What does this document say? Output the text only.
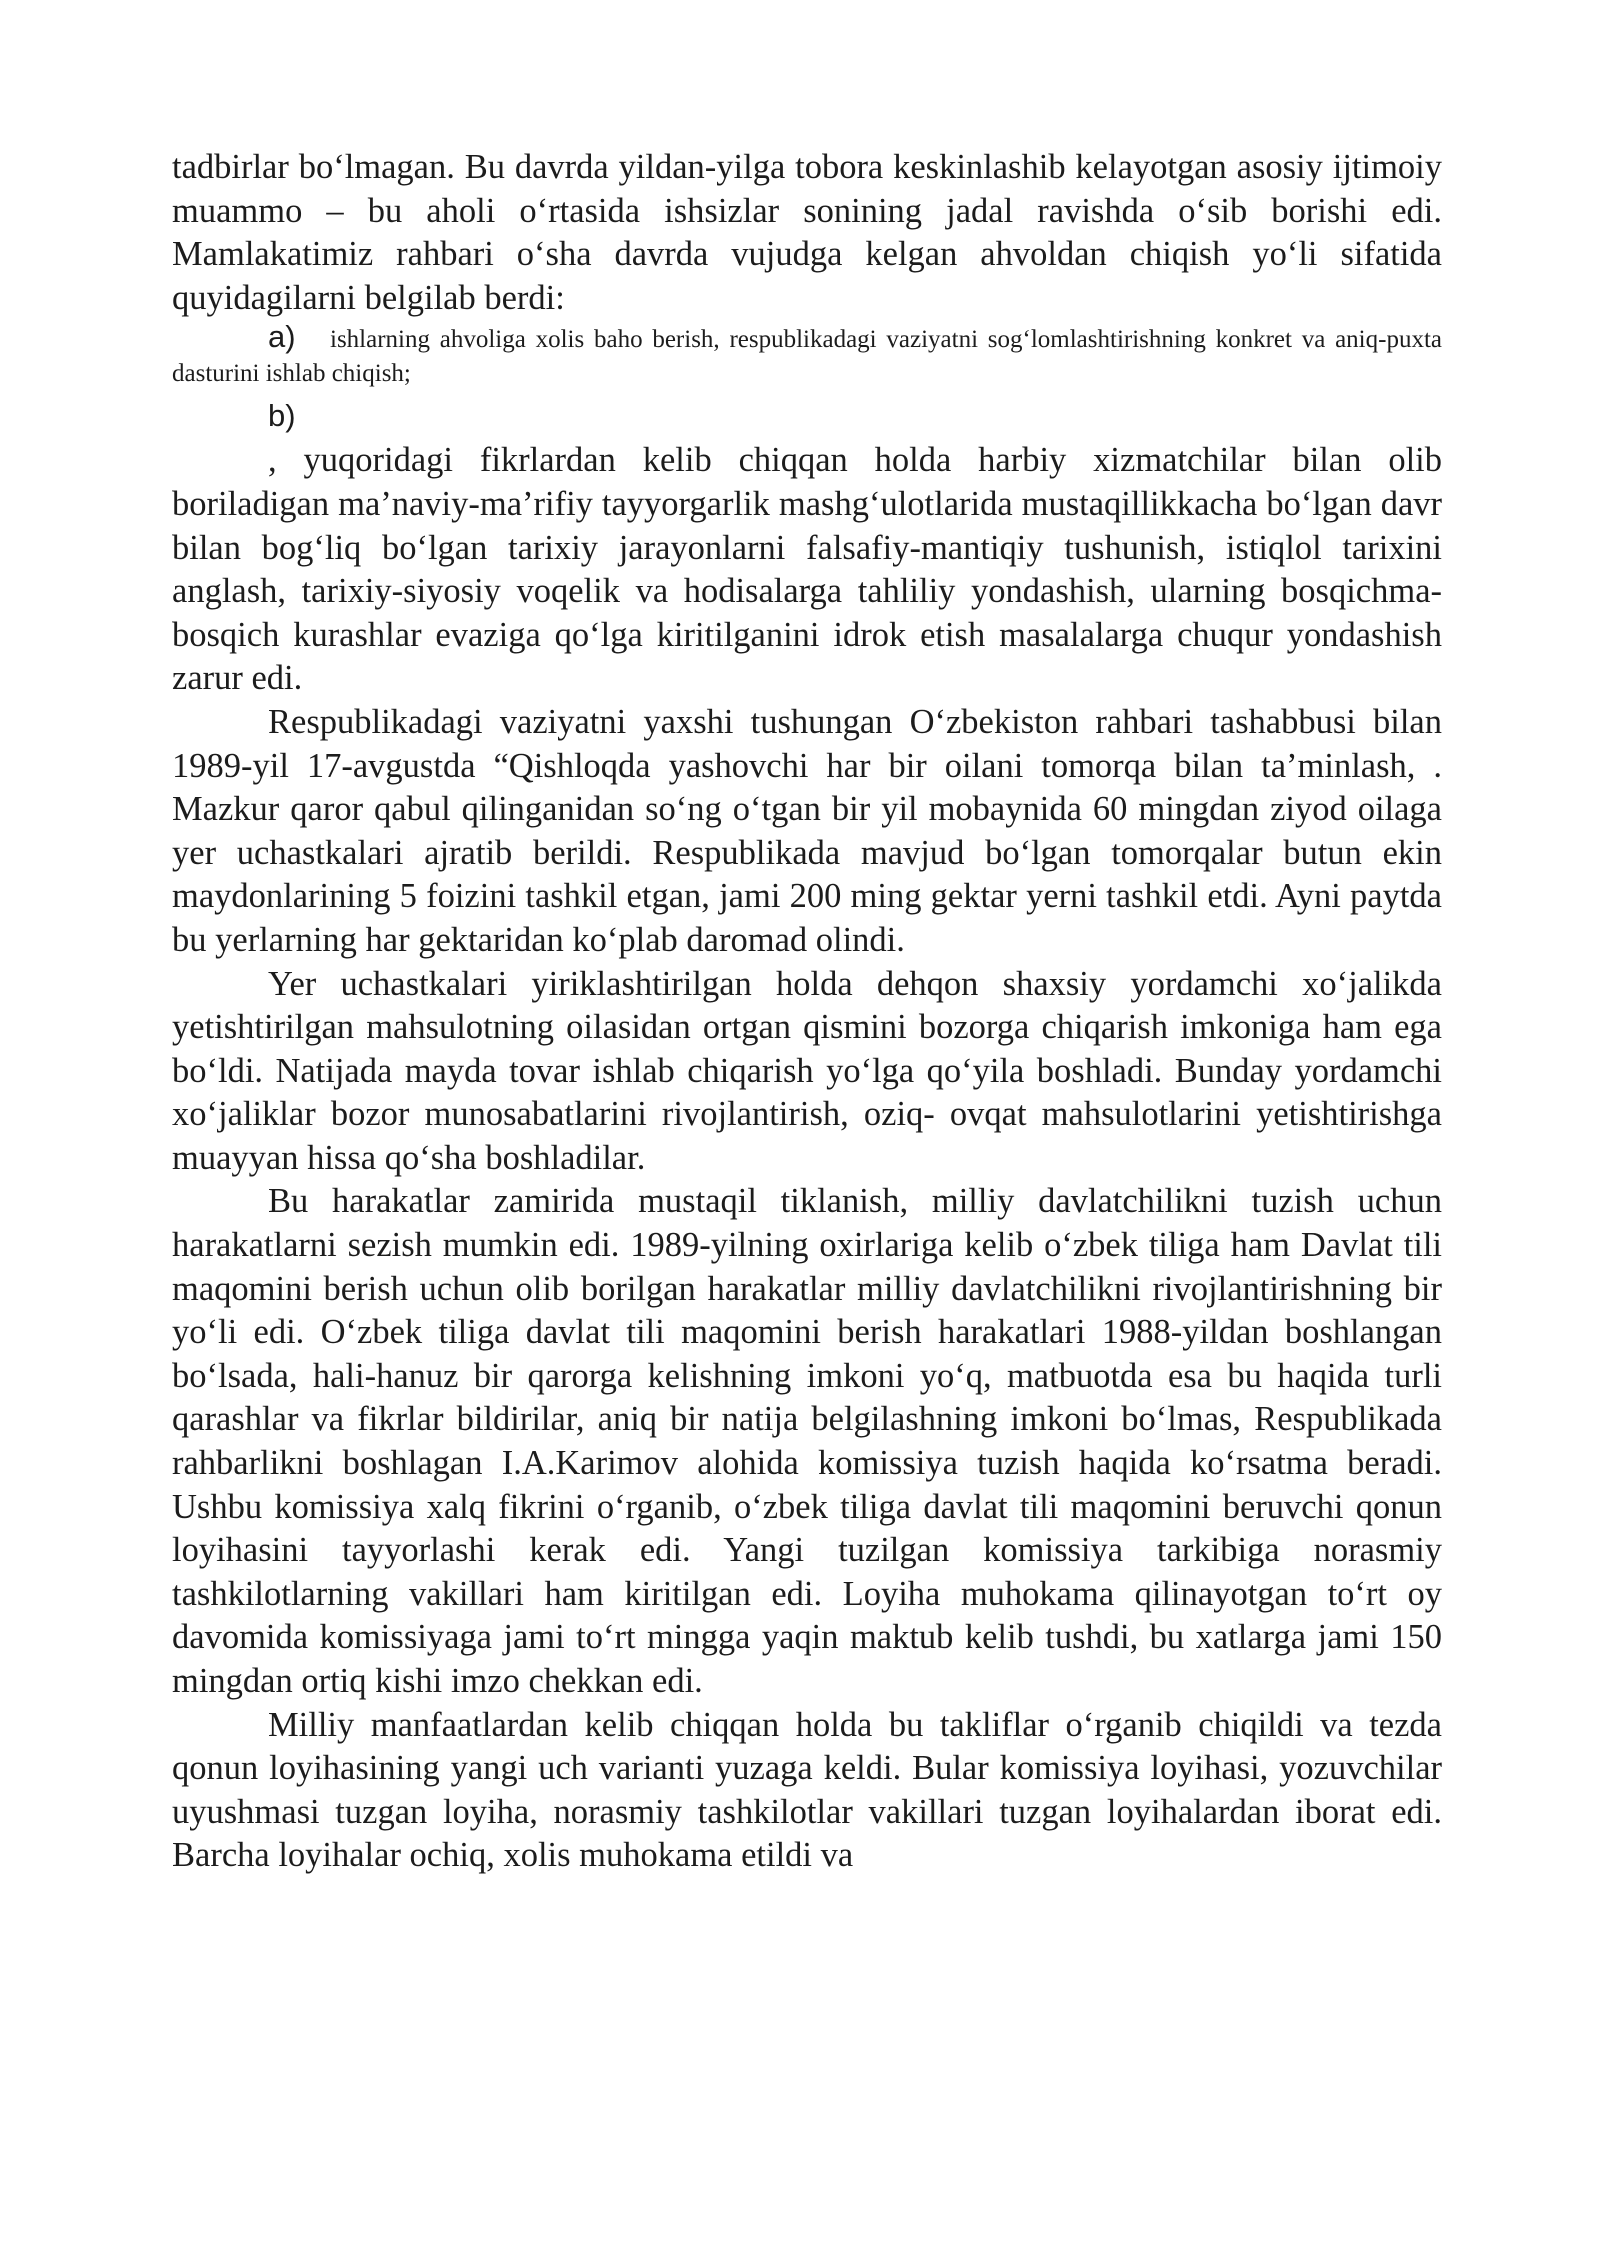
tadbirlar bo‘lmagan. Bu davrda yildan-yilga tobora keskinlashib kelayotgan asosiy ijtimoiy muammo – bu aholi o‘rtasida ishsizlar sonining jadal ravishda o‘sib borishi edi. Mamlakatimiz rahbari o‘sha davrda vujudga kelgan ahvoldan chiqish yo‘li sifatida quyidagilarni belgilab berdi:

a) ishlarning ahvoliga xolis baho berish, respublikadagi vaziyatni sog‘lomlashtirishning konkret va aniq-puxta dasturini ishlab chiqish;

b)

, yuqoridagi fikrlardan kelib chiqqan holda harbiy xizmatchilar bilan olib boriladigan ma’naviy-ma’rifiy tayyorgarlik mashg‘ulotlarida mustaqillikkacha bo‘lgan davr bilan bog‘liq bo‘lgan tarixiy jarayonlarni falsafiy-mantiqiy tushunish, istiqlol tarixini anglash, tarixiy-siyosiy voqelik va hodisalarga tahliliy yondashish, ularning bosqichma-bosqich kurashlar evaziga qo‘lga kiritilganini idrok etish masalalarga chuqur yondashish zarur edi.

Respublikadagi vaziyatni yaxshi tushungan O‘zbekiston rahbari tashabbusi bilan 1989-yil 17-avgustda “Qishloqda yashovchi har bir oilani tomorqa bilan ta’minlash, . Mazkur qaror qabul qilinganidan so‘ng o‘tgan bir yil mobaynida 60 mingdan ziyod oilaga yer uchastkalari ajratib berildi. Respublikada mavjud bo‘lgan tomorqalar butun ekin maydonlarining 5 foizini tashkil etgan, jami 200 ming gektar yerni tashkil etdi. Ayni paytda bu yerlarning har gektaridan ko‘plab daromad olindi.

Yer uchastkalari yiriklashtirilgan holda dehqon shaxsiy yordamchi xo‘jalikda yetishtirilgan mahsulotning oilasidan ortgan qismini bozorga chiqarish imkoniga ham ega bo‘ldi. Natijada mayda tovar ishlab chiqarish yo‘lga qo‘yila boshladi. Bunday yordamchi xo‘jaliklar bozor munosabatlarini rivojlantirish, oziq- ovqat mahsulotlarini yetishtirishga muayyan hissa qo‘sha boshladilar.

Bu harakatlar zamirida mustaqil tiklanish, milliy davlatchilikni tuzish uchun harakatlarni sezish mumkin edi. 1989-yilning oxirlariga kelib o‘zbek tiliga ham Davlat tili maqomini berish uchun olib borilgan harakatlar milliy davlatchilikni rivojlantirishning bir yo‘li edi. O‘zbek tiliga davlat tili maqomini berish harakatlari 1988-yildan boshlangan bo‘lsada, hali-hanuz bir qarorga kelishning imkoni yo‘q, matbuotda esa bu haqida turli qarashlar va fikrlar bildirilar, aniq bir natija belgilashning imkoni bo‘lmas, Respublikada rahbarlikni boshlagan I.A.Karimov alohida komissiya tuzish haqida ko‘rsatma beradi. Ushbu komissiya xalq fikrini o‘rganib, o‘zbek tiliga davlat tili maqomini beruvchi qonun loyihasini tayyorlashi kerak edi. Yangi tuzilgan komissiya tarkibiga norasmiy tashkilotlarning vakillari ham kiritilgan edi. Loyiha muhokama qilinayotgan to‘rt oy davomida komissiyaga jami to‘rt mingga yaqin maktub kelib tushdi, bu xatlarga jami 150 mingdan ortiq kishi imzo chekkan edi.

Milliy manfaatlardan kelib chiqqan holda bu takliflar o‘rganib chiqildi va tezda qonun loyihasining yangi uch varianti yuzaga keldi. Bular komissiya loyihasi, yozuvchilar uyushmasi tuzgan loyiha, norasmiy tashkilotlar vakillari tuzgan loyihalardan iborat edi. Barcha loyihalar ochiq, xolis muhokama etildi va
